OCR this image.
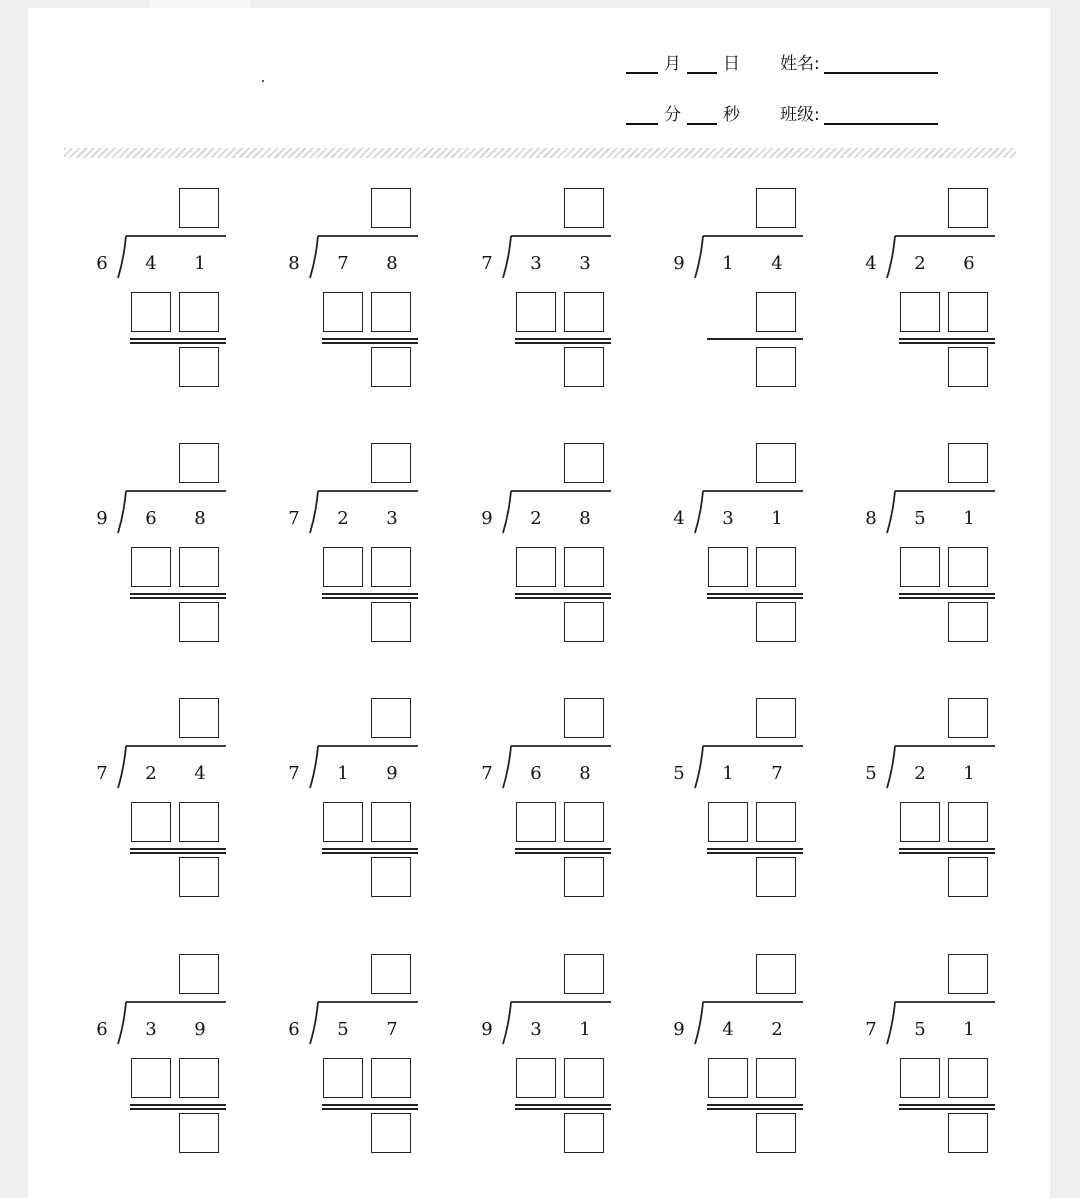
月	日	姓名:
分	秒	班级:
6 4 1	8 7 8	7 3 3	9 1 4	4 2 6
9 6 8	7 2 3	9 2 8	4 3 1	8 5 1
7 2 4	7 1 9	7 6 8	5 1 7	5 2 1
6 3 9	6 5 7	9 3 1	9 4 2	7 5 1
